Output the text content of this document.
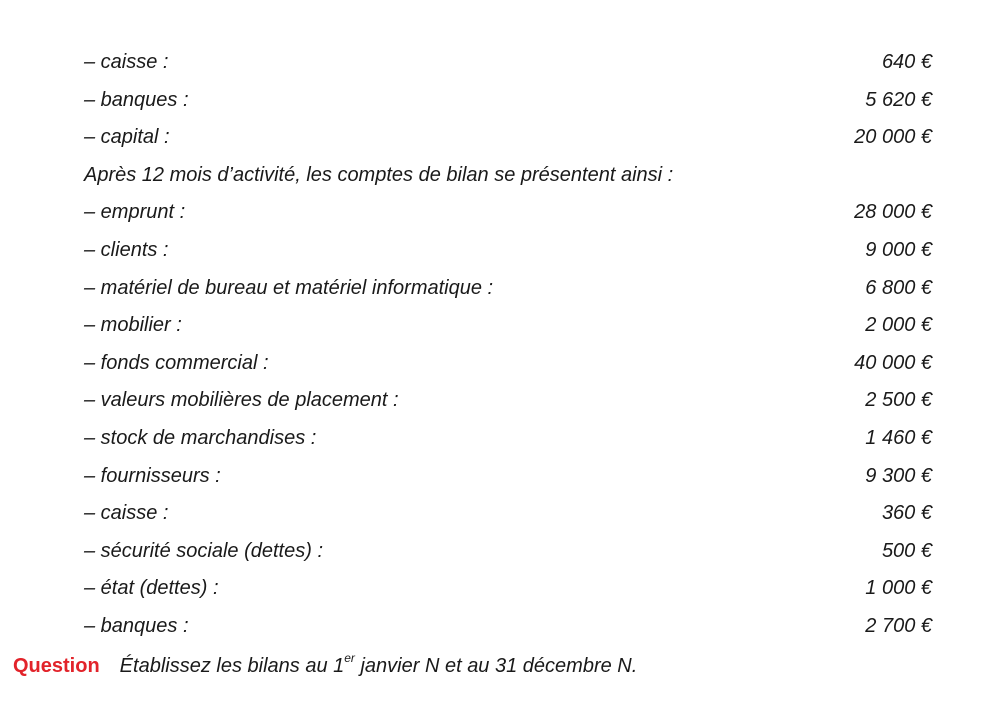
– caisse :	640 €
– banques :	5 620 €
– capital :	20 000 €
Après 12 mois d’activité, les comptes de bilan se présentent ainsi :
– emprunt :	28 000 €
– clients :	9 000 €
– matériel de bureau et matériel informatique :	6 800 €
– mobilier :	2 000 €
– fonds commercial :	40 000 €
– valeurs mobilières de placement :	2 500 €
– stock de marchandises :	1 460 €
– fournisseurs :	9 300 €
– caisse :	360 €
– sécurité sociale (dettes) :	500 €
– état (dettes) :	1 000 €
– banques :	2 700 €
Question Établissez les bilans au 1er janvier N et au 31 décembre N.
